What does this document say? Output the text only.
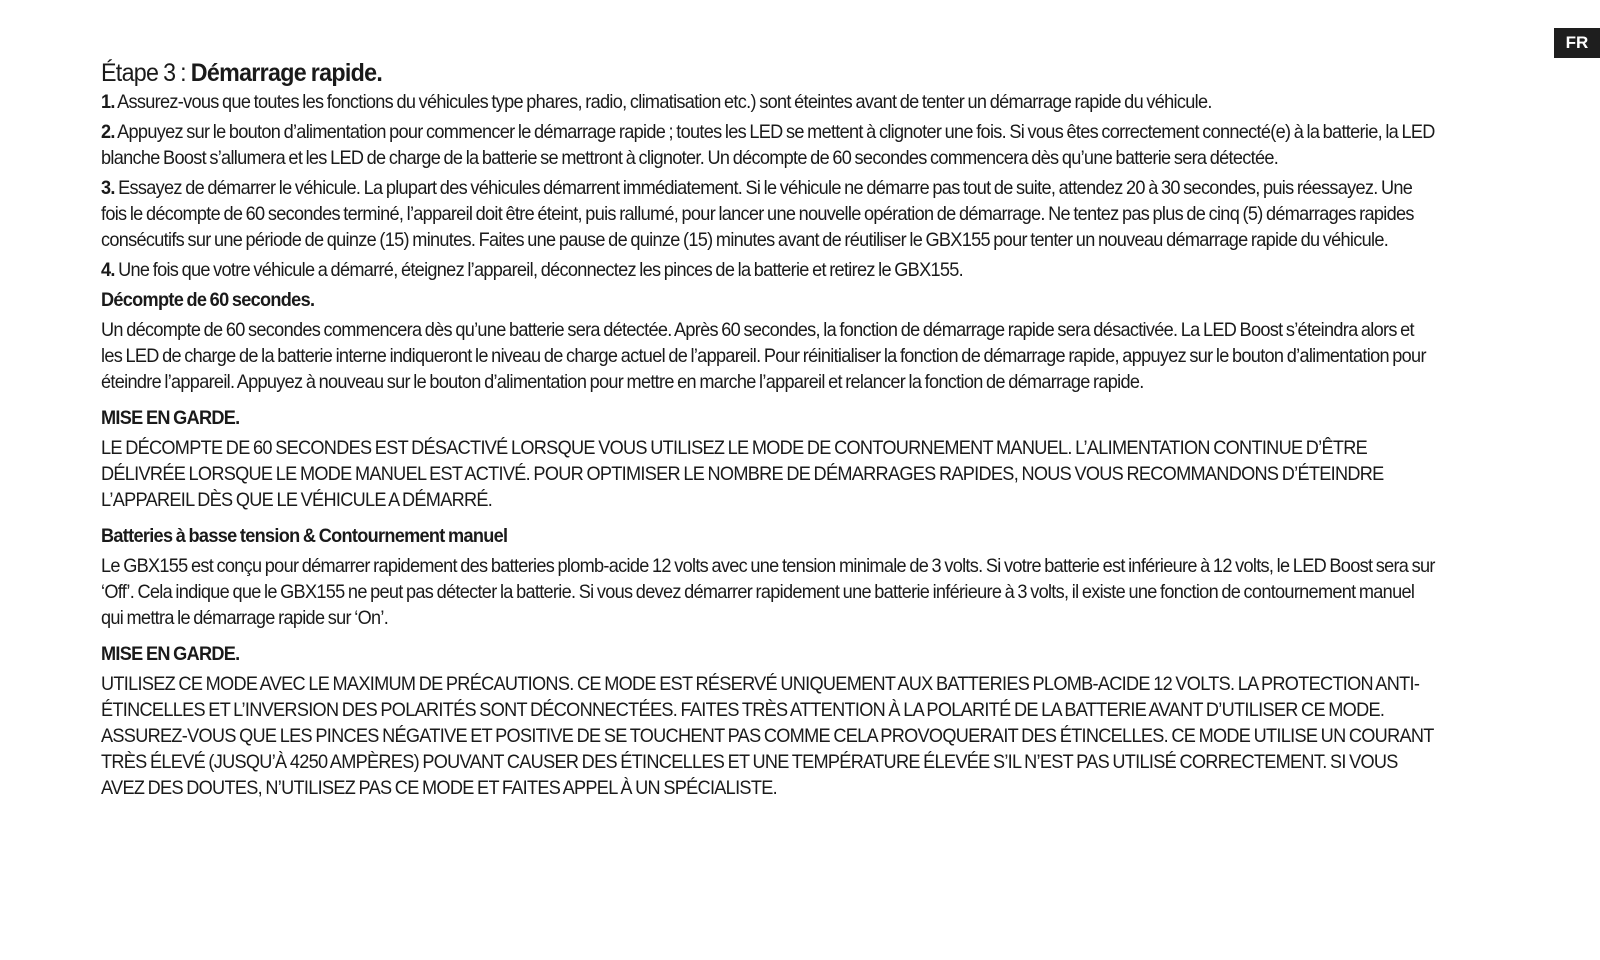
FR
Étape 3 : Démarrage rapide.

1. Assurez-vous que toutes les fonctions du véhicules type phares, radio, climatisation etc.) sont éteintes avant de tenter un démarrage rapide du véhicule.

2. Appuyez sur le bouton d’alimentation pour commencer le démarrage rapide ; toutes les LED se mettent à clignoter une fois. Si vous êtes correctement connecté(e) à la batterie, la LED blanche Boost s’allumera et les LED de charge de la batterie se mettront à clignoter. Un décompte de 60 secondes commencera dès qu’une batterie sera détectée.

3. Essayez de démarrer le véhicule. La plupart des véhicules démarrent immédiatement. Si le véhicule ne démarre pas tout de suite, attendez 20 à 30 secondes, puis réessayez. Une fois le décompte de 60 secondes terminé, l’appareil doit être éteint, puis rallumé, pour lancer une nouvelle opération de démarrage. Ne tentez pas plus de cinq (5) démarrages rapides consécutifs sur une période de quinze (15) minutes. Faites une pause de quinze (15) minutes avant de réutiliser le GBX155 pour tenter un nouveau démarrage rapide du véhicule.

4. Une fois que votre véhicule a démarré, éteignez l’appareil, déconnectez les pinces de la batterie et retirez le GBX155.

Décompte de 60 secondes.

Un décompte de 60 secondes commencera dès qu’une batterie sera détectée. Après 60 secondes, la fonction de démarrage rapide sera désactivée. La LED Boost s’éteindra alors et les LED de charge de la batterie interne indiqueront le niveau de charge actuel de l’appareil. Pour réinitialiser la fonction de démarrage rapide, appuyez sur le bouton d’alimentation pour éteindre l’appareil. Appuyez à nouveau sur le bouton d’alimentation pour mettre en marche l’appareil et relancer la fonction de démarrage rapide.

MISE EN GARDE.

LE DÉCOMPTE DE 60 SECONDES EST DÉSACTIVÉ LORSQUE VOUS UTILISEZ LE MODE DE CONTOURNEMENT MANUEL. L’ALIMENTATION CONTINUE D’ÊTRE DÉLIVRÉE LORSQUE LE MODE MANUEL EST ACTIVÉ. POUR OPTIMISER LE NOMBRE DE DÉMARRAGES RAPIDES, NOUS VOUS RECOMMANDONS D’ÉTEINDRE L’APPAREIL DÈS QUE LE VÉHICULE A DÉMARRÉ.

Batteries à basse tension & Contournement manuel

Le GBX155 est conçu pour démarrer rapidement des batteries plomb-acide 12 volts avec une tension minimale de 3 volts. Si votre batterie est inférieure à 12 volts, le LED Boost sera sur ‘Off’. Cela indique que le GBX155 ne peut pas détecter la batterie. Si vous devez démarrer rapidement une batterie inférieure à 3 volts, il existe une fonction de contournement manuel qui mettra le démarrage rapide sur ‘On’.

MISE EN GARDE.

UTILISEZ CE MODE AVEC LE MAXIMUM DE PRÉCAUTIONS. CE MODE EST RÉSERVÉ UNIQUEMENT AUX BATTERIES PLOMB-ACIDE 12 VOLTS. LA PROTECTION ANTI-ÉTINCELLES ET L’INVERSION DES POLARITÉS SONT DÉCONNECTÉES. FAITES TRÈS ATTENTION À LA POLARITÉ DE LA BATTERIE AVANT D’UTILISER CE MODE. ASSUREZ-VOUS QUE LES PINCES NÉGATIVE ET POSITIVE DE SE TOUCHENT PAS COMME CELA PROVOQUERAIT DES ÉTINCELLES. CE MODE UTILISE UN COURANT TRÈS ÉLEVÉ (JUSQU’À 4250 AMPÈRES) POUVANT CAUSER DES ÉTINCELLES ET UNE TEMPÉRATURE ÉLEVÉE S’IL N’EST PAS UTILISÉ CORRECTEMENT. SI VOUS AVEZ DES DOUTES, N’UTILISEZ PAS CE MODE ET FAITES APPEL À UN SPÉCIALISTE.
